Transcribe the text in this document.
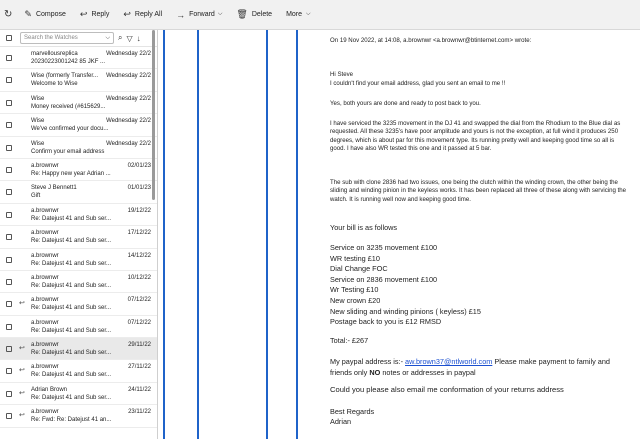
↻ ✎ Compose ↩ Reply ↩ Reply All → Forward ⌵ 🗑 Delete More ⌵
Search the Watches	⌵ ⌕ ▽ ↓
marvellousreplica	Wednesday 22/2
20230223001242 85 JKF ...
Wise (formerly Transfer...	Wednesday 22/2
Welcome to Wise
Wise	Wednesday 22/2
Money received (#615629...
Wise	Wednesday 22/2
We've confirmed your docu...
Wise	Wednesday 22/2
Confirm your email address
a.brownwr	02/01/23
Re: Happy new year Adrian ...
Steve J Bennett1	01/01/23
Gift
a.brownwr	19/12/22
Re: Datejust 41 and Sub ser...
a.brownwr	17/12/22
Re: Datejust 41 and Sub ser...
a.brownwr	14/12/22
Re: Datejust 41 and Sub ser...
a.brownwr	10/12/22
Re: Datejust 41 and Sub ser...
↩ a.brownwr	07/12/22
Re: Datejust 41 and Sub ser...
a.brownwr	07/12/22
Re: Datejust 41 and Sub ser...
↩ a.brownwr	29/11/22
Re: Datejust 41 and Sub ser...
↩ a.brownwr	27/11/22
Re: Datejust 41 and Sub ser...
↩ Adrian Brown	24/11/22
Re: Datejust 41 and Sub ser...
↩ a.brownwr	23/11/22
Re: Fwd: Re: Datejust 41 an...

On 19 Nov 2022, at 14:08, a.brownwr <a.brownwr@btinternet.com> wrote:

Hi Steve

I couldn't find your email address, glad you sent an email to me !!

Yes, both yours are done and ready to post back to you.

I have serviced the 3235 movement in the DJ 41 and swapped the dial from the Rhodium to the Blue dial as requested. All these 3235's have poor amplitude and yours is not the exception, at full wind it produces 250 degrees, which is about par for this movement type. Its running pretty well and keeping good time so all is good. I have also WR tested this one and it passed at 5 bar.

The sub with clone 2836 had two issues, one being the clutch within the winding crown, the other being the sliding and winding pinion in the keyless works. It has been replaced all three of these along with servicing the watch. It is running well now and keeping good time.

Your bill is as follows

Service on 3235 movement £100

WR testing £10

Dial Change FOC

Service on 2836 movement £100

Wr Testing £10

New crown £20

New sliding and winding pinions ( keyless) £15

Postage back to you is £12 RMSD

Total:- £267

My paypal address is:- aw.brown37@ntlworld.com Please make payment to family and friends only NO notes or addresses in paypal

Could you please also email me conformation of your returns address

Best Regards

Adrian
